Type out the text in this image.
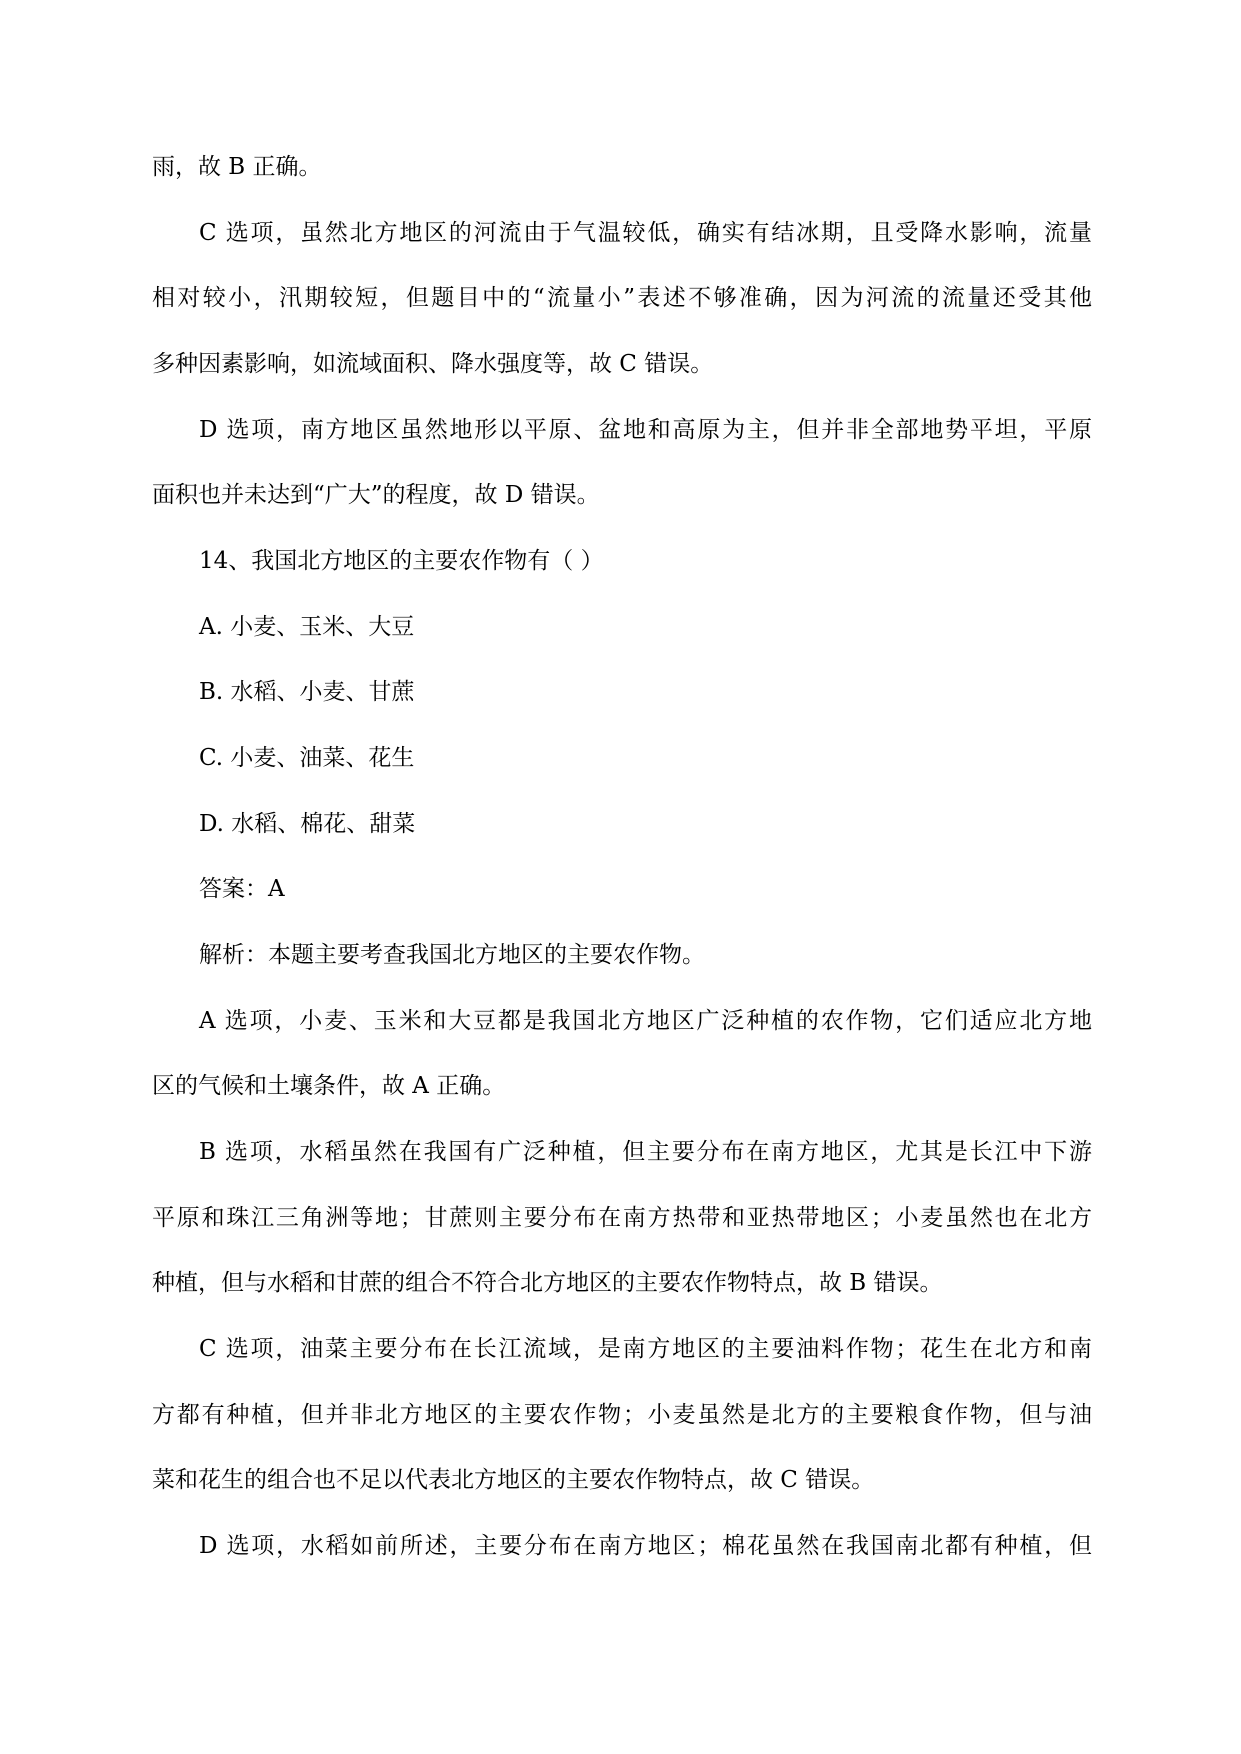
雨，故 B 正确。
C 选项，虽然北方地区的河流由于气温较低，确实有结冰期，且受降水影响，流量
相对较小，汛期较短，但题目中的“流量小”表述不够准确，因为河流的流量还受其他
多种因素影响，如流域面积、降水强度等，故 C 错误。
D 选项，南方地区虽然地形以平原、盆地和高原为主，但并非全部地势平坦，平原
面积也并未达到“广大”的程度，故 D 错误。
14、我国北方地区的主要农作物有（ ）
A. 小麦、玉米、大豆
B. 水稻、小麦、甘蔗
C. 小麦、油菜、花生
D. 水稻、棉花、甜菜
答案：A
解析：本题主要考查我国北方地区的主要农作物。
A 选项，小麦、玉米和大豆都是我国北方地区广泛种植的农作物，它们适应北方地
区的气候和土壤条件，故 A 正确。
B 选项，水稻虽然在我国有广泛种植，但主要分布在南方地区，尤其是长江中下游
平原和珠江三角洲等地；甘蔗则主要分布在南方热带和亚热带地区；小麦虽然也在北方
种植，但与水稻和甘蔗的组合不符合北方地区的主要农作物特点，故 B 错误。
C 选项，油菜主要分布在长江流域，是南方地区的主要油料作物；花生在北方和南
方都有种植，但并非北方地区的主要农作物；小麦虽然是北方的主要粮食作物，但与油
菜和花生的组合也不足以代表北方地区的主要农作物特点，故 C 错误。
D 选项，水稻如前所述，主要分布在南方地区；棉花虽然在我国南北都有种植，但
